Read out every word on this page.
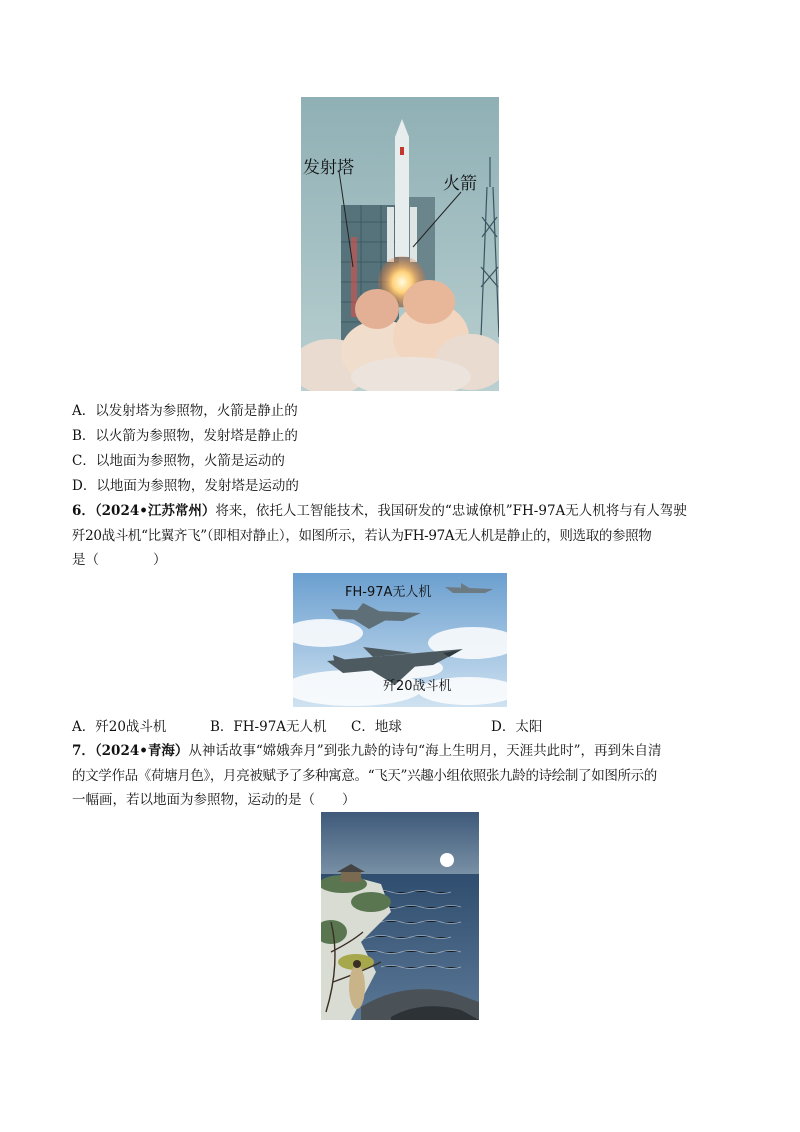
发射塔
火箭
A．以发射塔为参照物，火箭是静止的
B．以火箭为参照物，发射塔是静止的
C．以地面为参照物，火箭是运动的
D．以地面为参照物，发射塔是运动的
6．（2024•江苏常州）将来，依托人工智能技术，我国研发的“忠诚僚机”FH-97A无人机将与有人驾驶
歼20战斗机“比翼齐飞”（即相对静止），如图所示，若认为FH-97A无人机是静止的，则选取的参照物
是（　　　　）
FH-97A无人机
歼20战斗机
A．歼20战斗机	B．FH-97A无人机 C．地球	D．太阳
7．（2024•青海）从神话故事“嫦娥奔月”到张九龄的诗句“海上生明月，天涯共此时”，再到朱自清
的文学作品《荷塘月色》，月亮被赋予了多种寓意。“飞天”兴趣小组依照张九龄的诗绘制了如图所示的
一幅画，若以地面为参照物，运动的是（　　）
